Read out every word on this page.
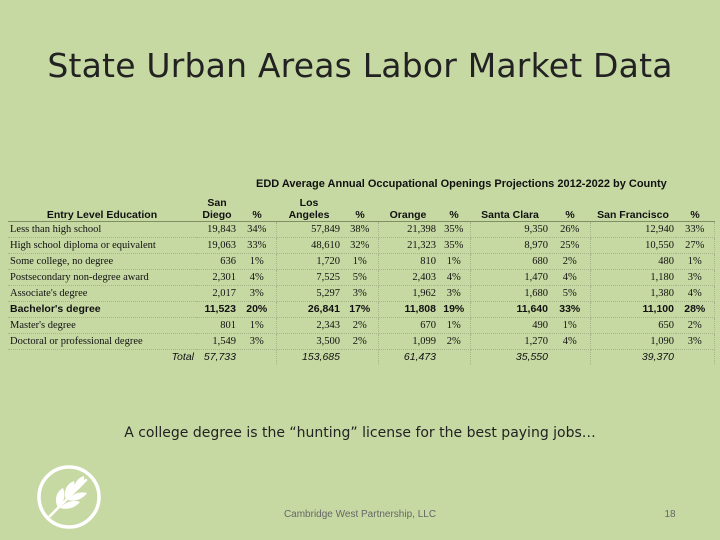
State Urban Areas Labor Market Data
EDD Average Annual Occupational Openings Projections 2012-2022 by County
Entry Level Education	San Diego	%	Los Angeles	%	Orange	%	Santa Clara	%	San Francisco	%
Less than high school	19,843	34%	57,849	38%	21,398	35%	9,350	26%	12,940	33%
High school diploma or equivalent	19,063	33%	48,610	32%	21,323	35%	8,970	25%	10,550	27%
Some college, no degree	636	1%	1,720	1%	810	1%	680	2%	480	1%
Postsecondary non-degree award	2,301	4%	7,525	5%	2,403	4%	1,470	4%	1,180	3%
Associate's degree	2,017	3%	5,297	3%	1,962	3%	1,680	5%	1,380	4%
Bachelor's degree	11,523	20%	26,841	17%	11,808	19%	11,640	33%	11,100	28%
Master's degree	801	1%	2,343	2%	670	1%	490	1%	650	2%
Doctoral or professional degree	1,549	3%	3,500	2%	1,099	2%	1,270	4%	1,090	3%
Total	57,733		153,685		61,473		35,550		39,370	
A college degree is the “hunting” license for the best paying jobs…
Cambridge West Partnership, LLC	18
